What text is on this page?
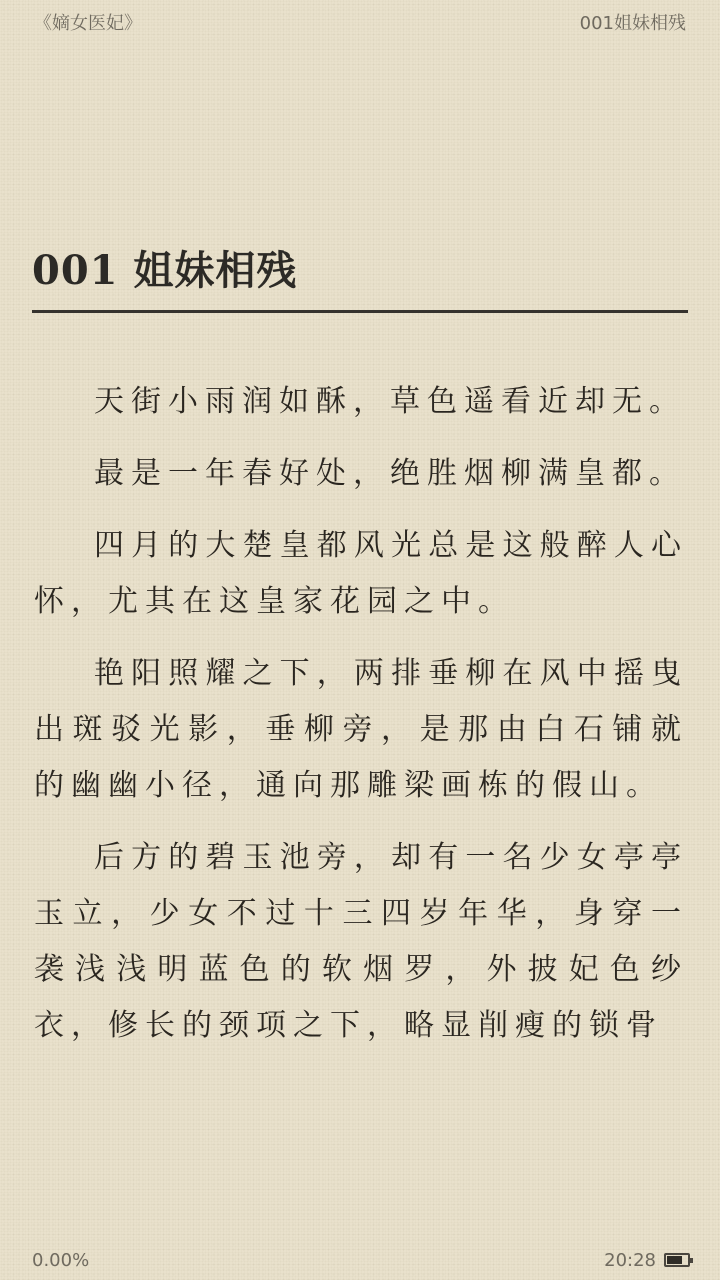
《嫡女医妃》	001姐妹相残
001 姐妹相残

天街小雨润如酥，草色遥看近却无。

最是一年春好处，绝胜烟柳满皇都。

四月的大楚皇都风光总是这般醉人心怀，尤其在这皇家花园之中。

艳阳照耀之下，两排垂柳在风中摇曳出斑驳光影，垂柳旁，是那由白石铺就的幽幽小径，通向那雕梁画栋的假山。

后方的碧玉池旁，却有一名少女亭亭玉立，少女不过十三四岁年华，身穿一袭浅浅明蓝色的软烟罗，外披妃色纱衣，修长的颈项之下，略显削瘦的锁骨

0.00%	20:28
